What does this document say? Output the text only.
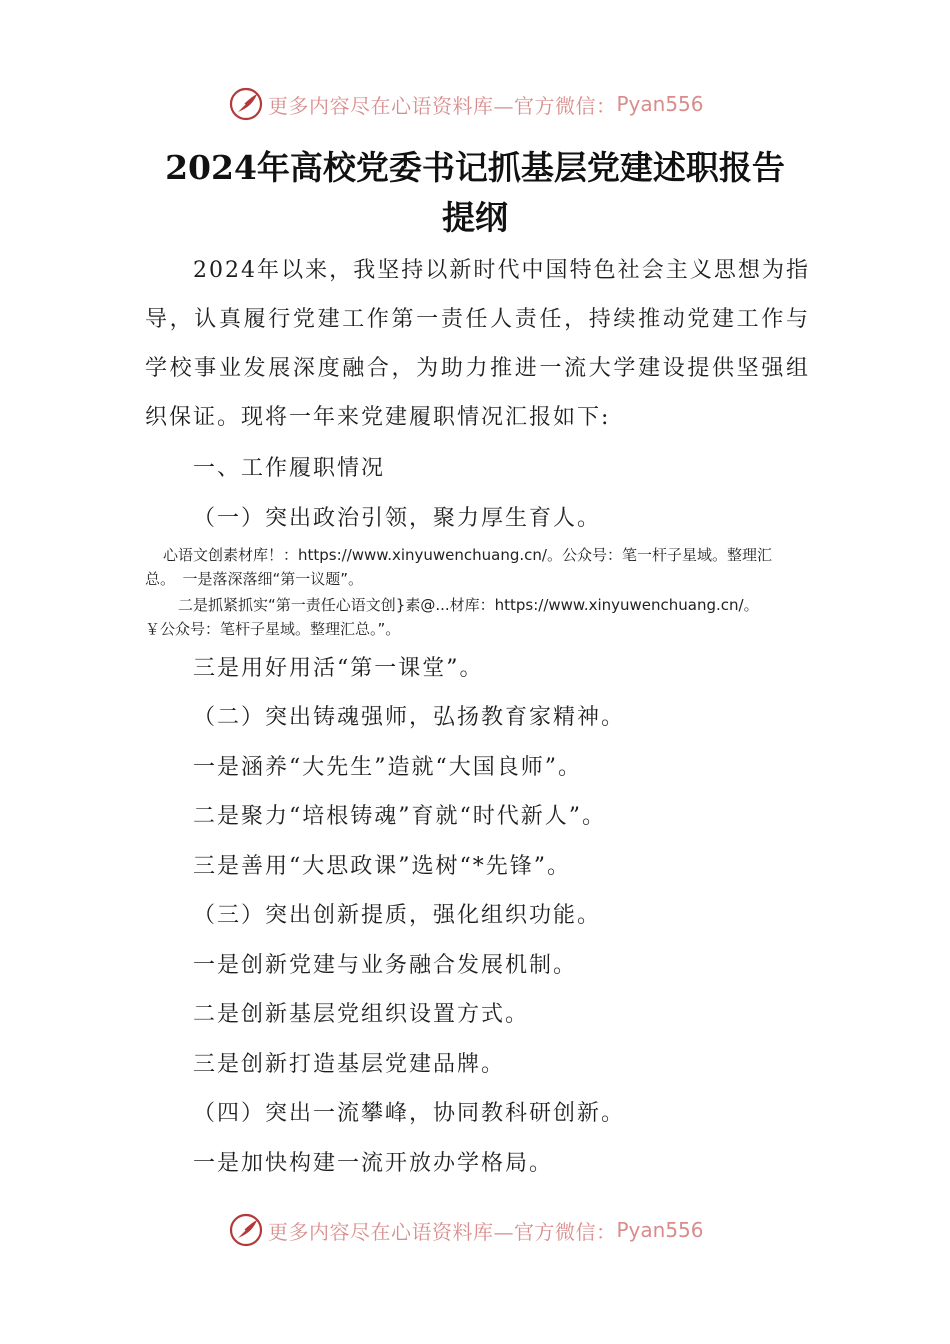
更多内容尽在心语资料库—官方微信： Pyan556
2024年高校党委书记抓基层党建述职报告
提纲
2024年以来，我坚持以新时代中国特色社会主义思想为指导，认真履行党建工作第一责任人责任，持续推动党建工作与学校事业发展深度融合，为助力推进一流大学建设提供坚强组织保证。现将一年来党建履职情况汇报如下:
一、工作履职情况
（一）突出政治引领，聚力厚生育人。
心语文创素材库！：https://www.xinyuwenchuang.cn/。公众号：笔一杆子星域。整理汇
总。　一是落深落细“第一议题”。
二是抓紧抓实“第一责任心语文创}素@...材库：https://www.xinyuwenchuang.cn/。
￥公众号：笔杆子星域。整理汇总。”。
三是用好用活“第一课堂”。
（二）突出铸魂强师，弘扬教育家精神。
一是涵养“大先生”造就“大国良师”。
二是聚力“培根铸魂”育就“时代新人”。
三是善用“大思政课”选树“*先锋”。
（三）突出创新提质，强化组织功能。
一是创新党建与业务融合发展机制。
二是创新基层党组织设置方式。
三是创新打造基层党建品牌。
（四）突出一流攀峰，协同教科研创新。
一是加快构建一流开放办学格局。
更多内容尽在心语资料库—官方微信： Pyan556
